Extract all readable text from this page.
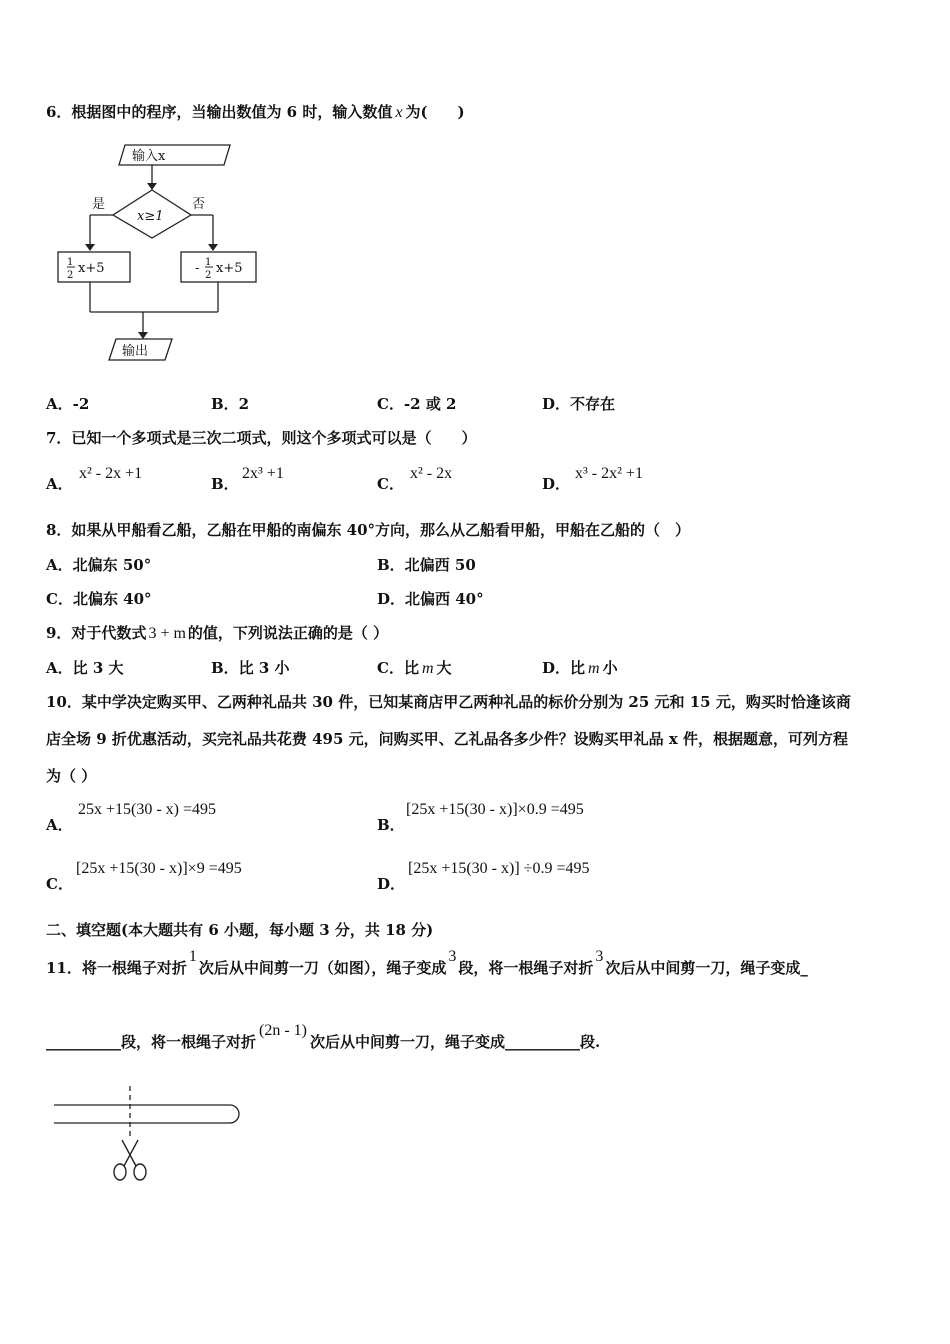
6．根据图中的程序，当输出数值为 6 时，输入数值 x 为(　　)
输入x
x≥1
是	否
1
2 x+5	- 1
2 x+5
输出
A．-2	B．2	C．-2 或 2	D．不存在
7．已知一个多项式是三次二项式，则这个多项式可以是（　　）
A．
x² - 2x +1
B．
2x³ +1
C．
x² - 2x
D．
x³ - 2x² +1
8．如果从甲船看乙船，乙船在甲船的南偏东 40°方向，那么从乙船看甲船，甲船在乙船的（　）
A．北偏东 50°	B．北偏西 50
C．北偏东 40°	D．北偏西 40°
9．对于代数式 3 + m 的值，下列说法正确的是（ ）
A．比 3 大	B．比 3 小	C．比 m 大	D．比 m 小
10．某中学决定购买甲、乙两种礼品共 30 件，已知某商店甲乙两种礼品的标价分别为 25 元和 15 元，购买时恰逢该商
店全场 9 折优惠活动，买完礼品共花费 495 元，问购买甲、乙礼品各多少件？设购买甲礼品 x 件，根据题意，可列方程
为（ ）
A．
25x +15(30 - x) =495
B．
[25x +15(30 - x)]×0.9 =495
C．
[25x +15(30 - x)]×9 =495
D．
[25x +15(30 - x)] ÷0.9 =495
二、填空题(本大题共有 6 小题，每小题 3 分，共 18 分)
11．将一根绳子对折1次后从中间剪一刀（如图），绳子变成3段，将一根绳子对折3次后从中间剪一刀，绳子变成_
__________段，将一根绳子对折(2n - 1)次后从中间剪一刀，绳子变成__________段.
